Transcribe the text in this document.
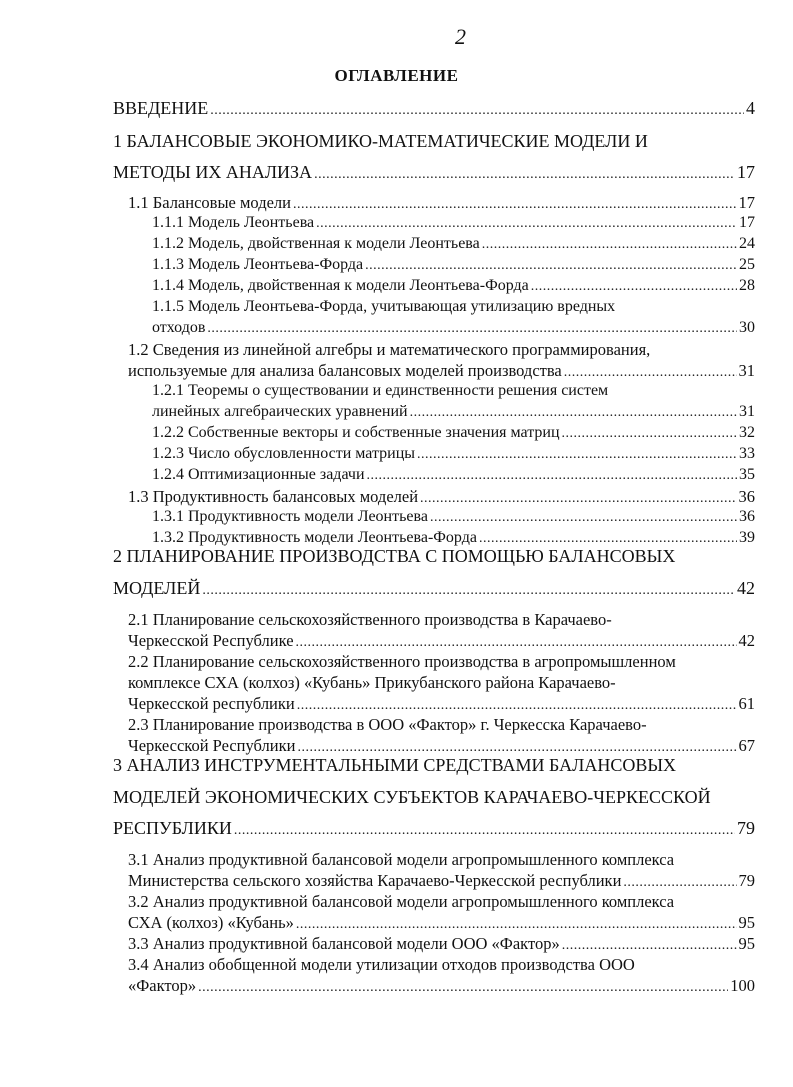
2
ОГЛАВЛЕНИЕ
ВВЕДЕНИЕ .....	4
1 БАЛАНСОВЫЕ ЭКОНОМИКО-МАТЕМАТИЧЕСКИЕ МОДЕЛИ И
МЕТОДЫ ИХ АНАЛИЗА .....	17
1.1 Балансовые модели .....	17
1.1.1 Модель Леонтьева .....	17
1.1.2 Модель, двойственная к модели Леонтьева .....	24
1.1.3 Модель Леонтьева-Форда .....	25
1.1.4 Модель, двойственная к модели Леонтьева-Форда .....	28
1.1.5 Модель Леонтьева-Форда, учитывающая утилизацию вредных
отходов .....	30
1.2 Сведения из линейной алгебры и математического программирования,
используемые для анализа балансовых моделей производства .....	31
1.2.1 Теоремы о существовании и единственности решения систем
линейных алгебраических уравнений .....	31
1.2.2 Собственные векторы и собственные значения матриц .....	32
1.2.3 Число обусловленности матрицы .....	33
1.2.4 Оптимизационные задачи .....	35
1.3 Продуктивность балансовых моделей .....	36
1.3.1 Продуктивность модели Леонтьева .....	36
1.3.2 Продуктивность модели Леонтьева-Форда .....	39
2 ПЛАНИРОВАНИЕ ПРОИЗВОДСТВА С ПОМОЩЬЮ БАЛАНСОВЫХ
МОДЕЛЕЙ .....	42
2.1 Планирование сельскохозяйственного производства в Карачаево-
Черкесской Республике .....	42
2.2 Планирование сельскохозяйственного производства в агропромышленном
комплексе СХА (колхоз) «Кубань» Прикубанского района Карачаево-
Черкесской республики .....	61
2.3 Планирование производства в ООО «Фактор» г. Черкесска Карачаево-
Черкесской Республики .....	67
3 АНАЛИЗ ИНСТРУМЕНТАЛЬНЫМИ СРЕДСТВАМИ БАЛАНСОВЫХ
МОДЕЛЕЙ ЭКОНОМИЧЕСКИХ СУБЪЕКТОВ КАРАЧАЕВО-ЧЕРКЕССКОЙ
РЕСПУБЛИКИ .....	79
3.1 Анализ продуктивной балансовой модели агропромышленного комплекса
Министерства сельского хозяйства Карачаево-Черкесской республики .....	79
3.2 Анализ продуктивной балансовой модели агропромышленного комплекса
СХА (колхоз) «Кубань» .....	95
3.3 Анализ продуктивной балансовой модели ООО «Фактор» .....	95
3.4 Анализ обобщенной модели утилизации отходов производства ООО
«Фактор» .....	100
